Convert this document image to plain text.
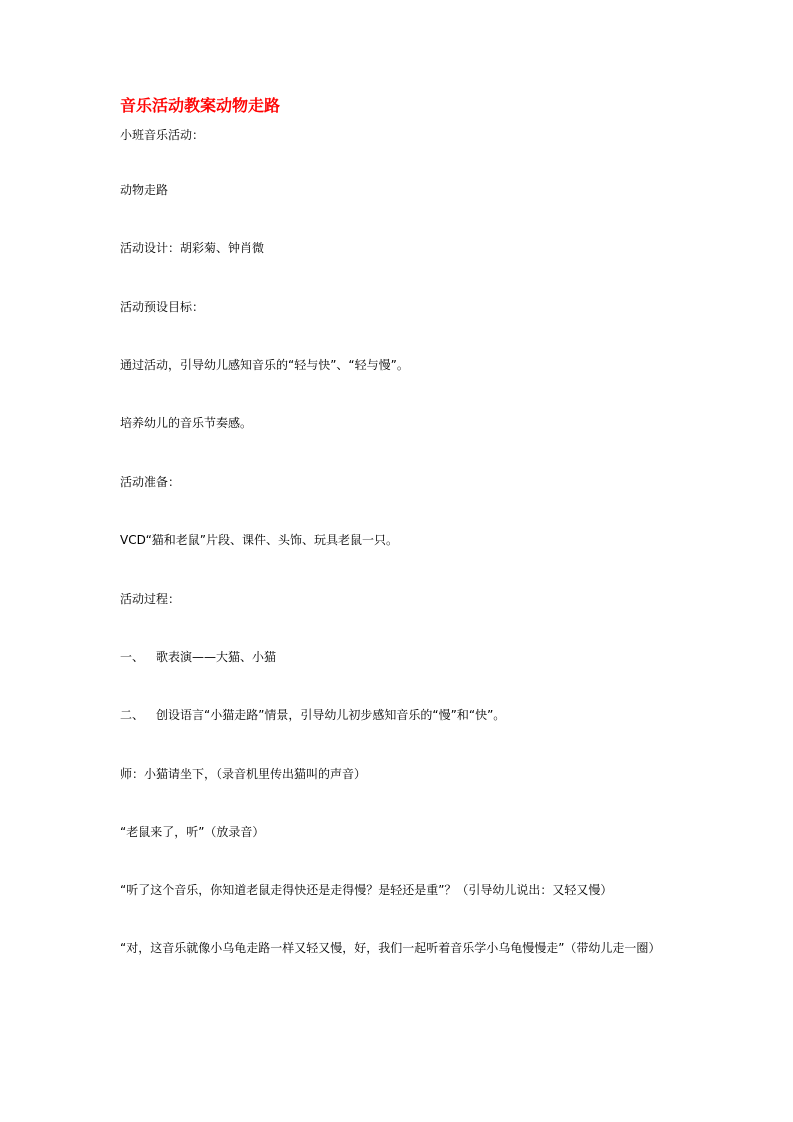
音乐活动教案动物走路
小班音乐活动：
动物走路
活动设计：胡彩菊、钟肖微
活动预设目标：
通过活动，引导幼儿感知音乐的“轻与快”、“轻与慢”。
培养幼儿的音乐节奏感。
活动准备：
VCD“猫和老鼠”片段、课件、头饰、玩具老鼠一只。
活动过程：
一、 歌表演——大猫、小猫
二、 创设语言“小猫走路”情景，引导幼儿初步感知音乐的“慢”和“快”。
师：小猫请坐下，（录音机里传出猫叫的声音）
“老鼠来了，听”（放录音）
“听了这个音乐，你知道老鼠走得快还是走得慢？是轻还是重”？（引导幼儿说出：又轻又慢）
“对，这音乐就像小乌龟走路一样又轻又慢，好，我们一起听着音乐学小乌龟慢慢走”（带幼儿走一圈）
